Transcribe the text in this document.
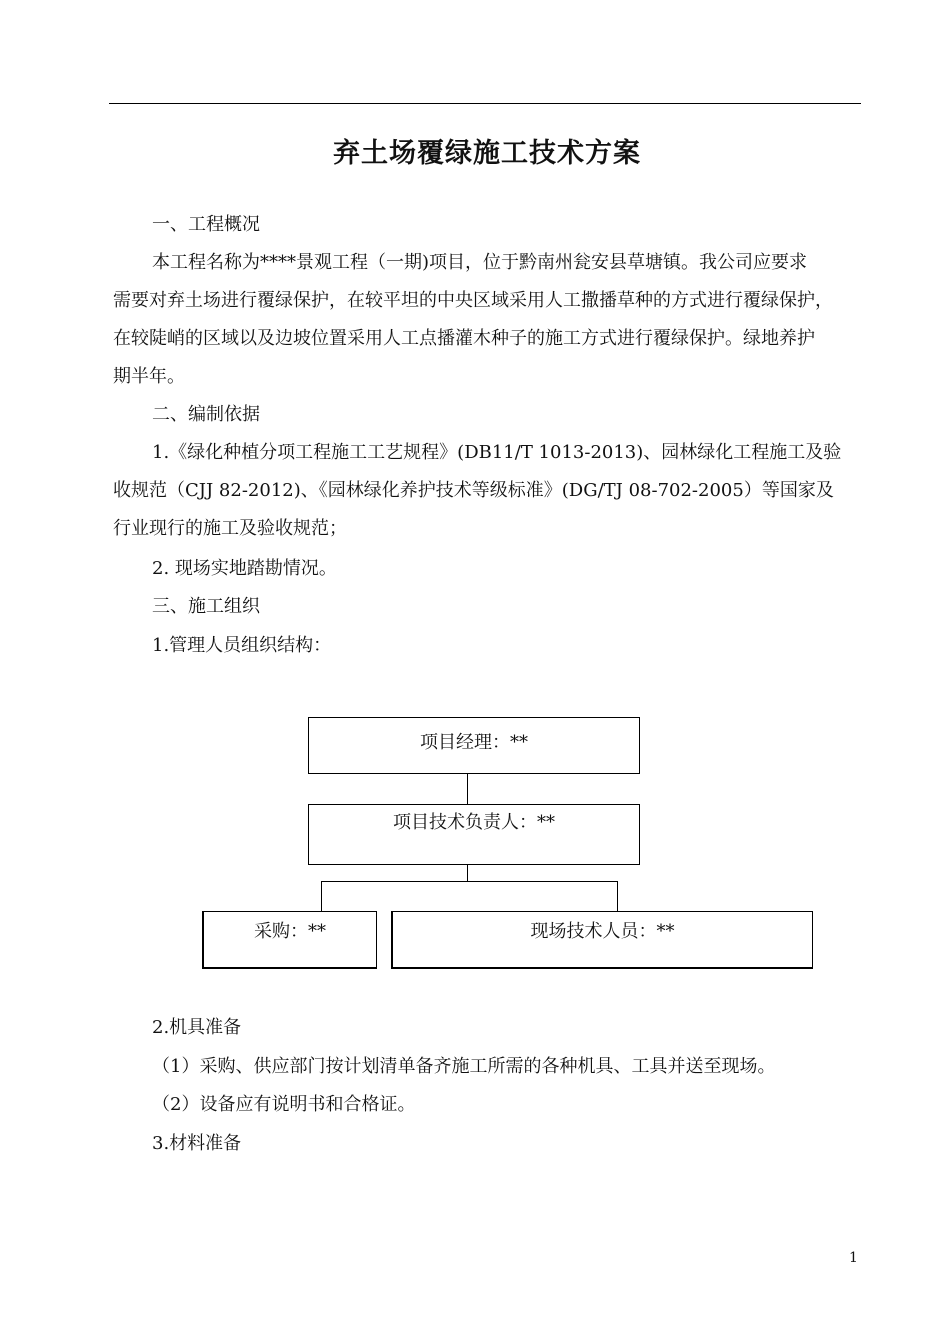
弃土场覆绿施工技术方案
一、工程概况
本工程名称为****景观工程（一期)项目，位于黔南州瓮安县草塘镇。我公司应要求
需要对弃土场进行覆绿保护，在较平坦的中央区域采用人工撒播草种的方式进行覆绿保护，
在较陡峭的区域以及边坡位置采用人工点播灌木种子的施工方式进行覆绿保护。绿地养护
期半年。
二、编制依据
1.《绿化种植分项工程施工工艺规程》(DB11/T 1013-2013)、园林绿化工程施工及验
收规范（CJJ 82-2012)、《园林绿化养护技术等级标准》(DG/TJ 08-702-2005）等国家及
行业现行的施工及验收规范；
2. 现场实地踏勘情况。
三、施工组织
1.管理人员组织结构：
项目经理：**
项目技术负责人：**
采购：**	现场技术人员：**
2.机具准备
（1）采购、供应部门按计划清单备齐施工所需的各种机具、工具并送至现场。
（2）设备应有说明书和合格证。
3.材料准备
1
